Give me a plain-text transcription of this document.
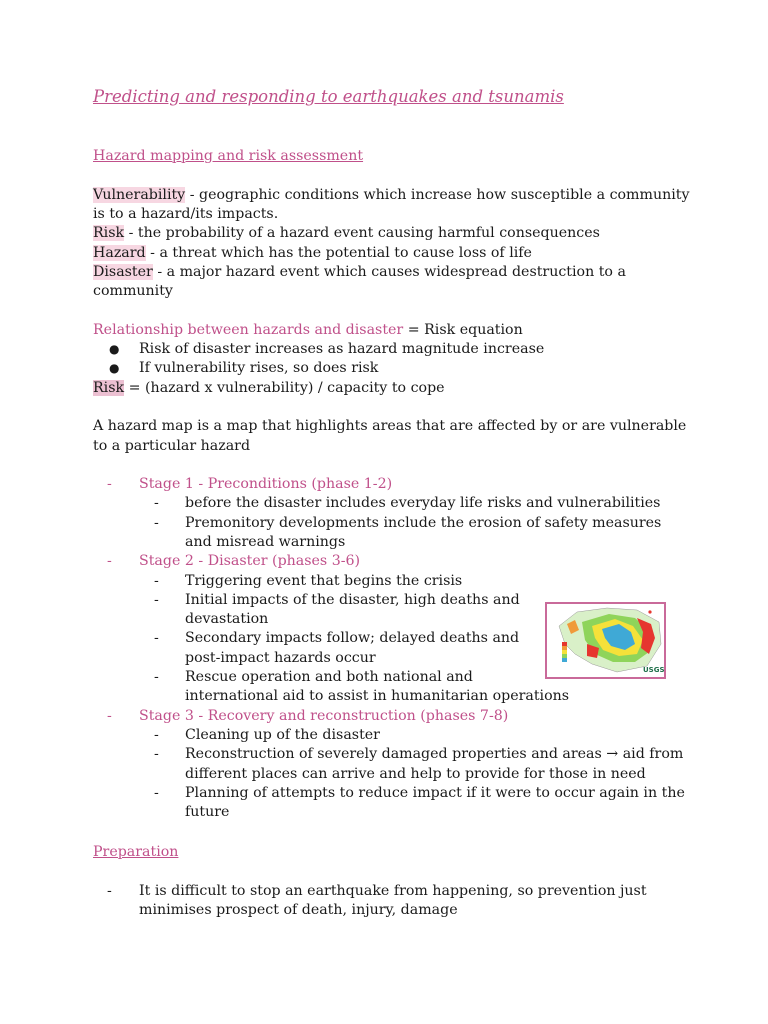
Predicting and responding to earthquakes and tsunamis
Hazard mapping and risk assessment
Vulnerability - geographic conditions which increase how susceptible a community
is to a hazard/its impacts.
Risk - the probability of a hazard event causing harmful consequences
Hazard - a threat which has the potential to cause loss of life
Disaster - a major hazard event which causes widespread destruction to a
community
Relationship between hazards and disaster = Risk equation
● Risk of disaster increases as hazard magnitude increase
● If vulnerability rises, so does risk
Risk = (hazard x vulnerability) / capacity to cope
A hazard map is a map that highlights areas that are affected by or are vulnerable
to a particular hazard
- Stage 1 - Preconditions (phase 1-2)
- before the disaster includes everyday life risks and vulnerabilities
- Premonitory developments include the erosion of safety measures
and misread warnings
- Stage 2 - Disaster (phases 3-6)
- Triggering event that begins the crisis
- Initial impacts of the disaster, high deaths and
devastation
- Secondary impacts follow; delayed deaths and
post-impact hazards occur
- Rescue operation and both national and
international aid to assist in humanitarian operations
- Stage 3 - Recovery and reconstruction (phases 7-8)
- Cleaning up of the disaster
- Reconstruction of severely damaged properties and areas → aid from
different places can arrive and help to provide for those in need
- Planning of attempts to reduce impact if it were to occur again in the
future
Preparation
- It is difficult to stop an earthquake from happening, so prevention just
minimises prospect of death, injury, damage
USGS
